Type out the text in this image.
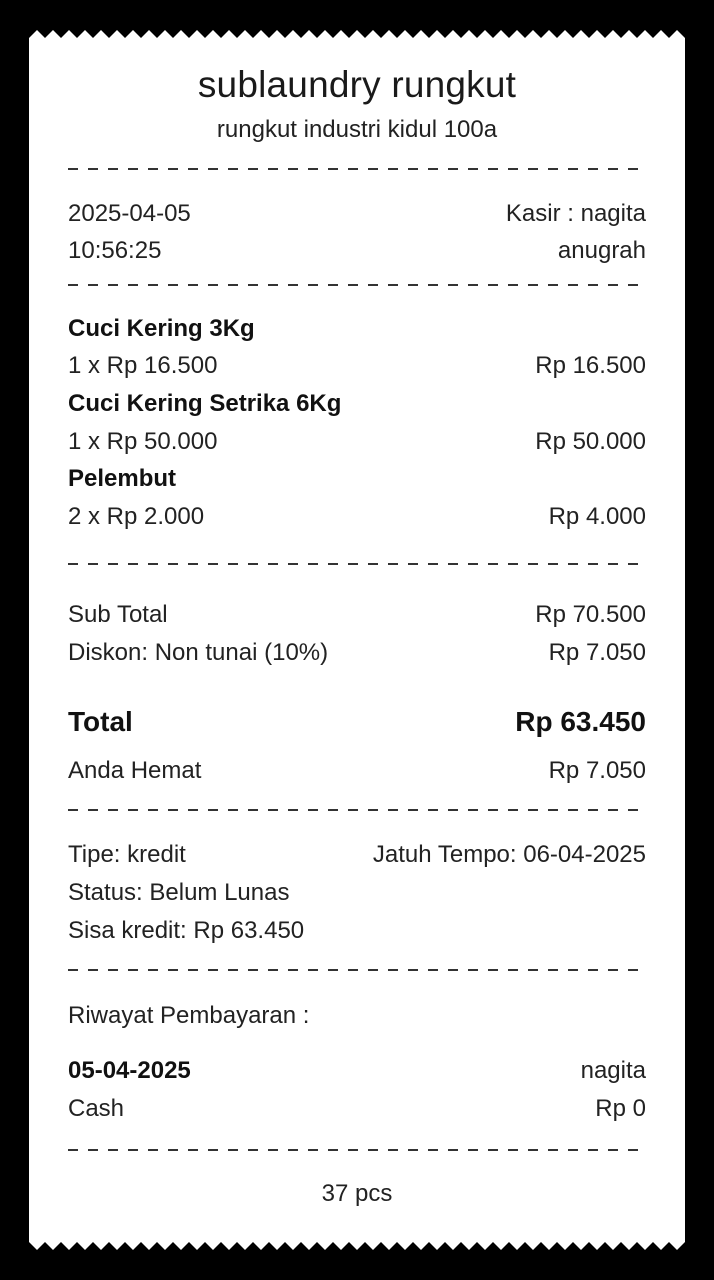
sublaundry rungkut
rungkut industri kidul 100a
2025-04-05	Kasir : nagita
10:56:25	anugrah
Cuci Kering 3Kg
1 x Rp 16.500	Rp 16.500
Cuci Kering Setrika 6Kg
1 x Rp 50.000	Rp 50.000
Pelembut
2 x Rp 2.000	Rp 4.000
Sub Total	Rp 70.500
Diskon: Non tunai (10%)	Rp 7.050
Total	Rp 63.450
Anda Hemat	Rp 7.050
Tipe: kredit	Jatuh Tempo: 06-04-2025
Status: Belum Lunas
Sisa kredit: Rp 63.450
Riwayat Pembayaran :
05-04-2025	nagita
Cash	Rp 0
37 pcs
